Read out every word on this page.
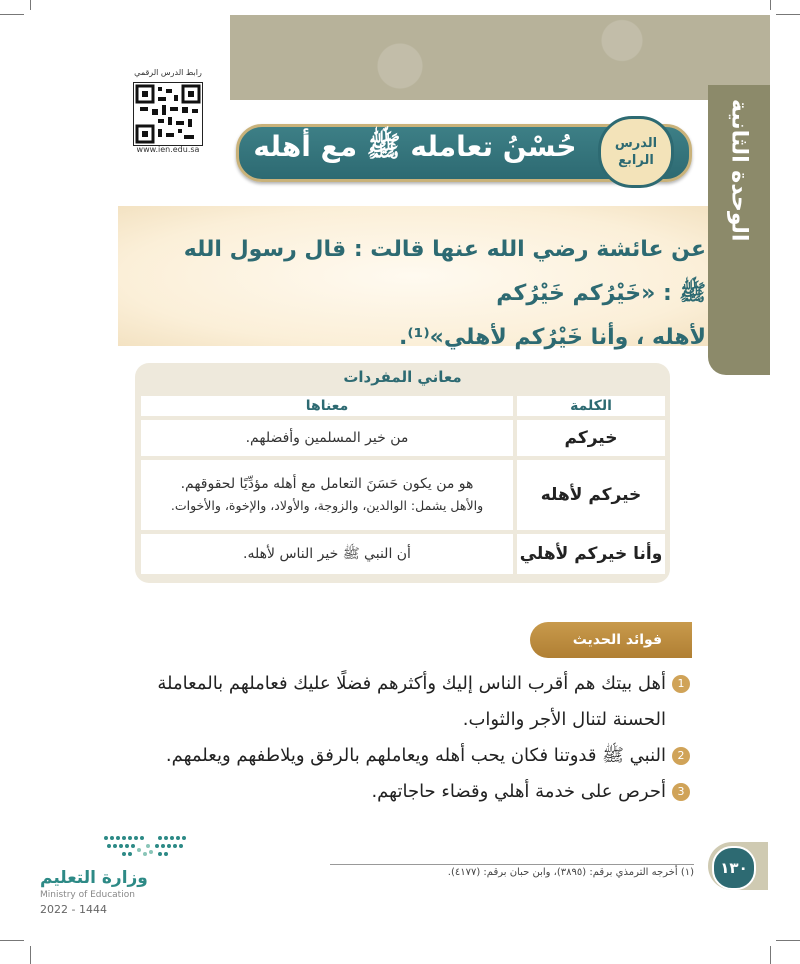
الوحدة الثانية
رابط الدرس الرقمي
www.ien.edu.sa حُسْنُ تعامله ﷺ مع أهله	الدرس
الرابع
عن عائشة رضي الله عنها قالت : قال رسول الله ﷺ : «خَيْرُكم خَيْرُكم
لأهله ، وأنا خَيْرُكم لأهلي»⁽¹⁾.
معاني المفردات
الكلمة
معناها
خيركم
من خير المسلمين وأفضلهم.
خيركم لأهله
هو من يكون حَسَنَ التعامل مع أهله مؤدِّيًا لحقوقهم.
والأهل يشمل: الوالدين، والزوجة، والأولاد، والإخوة، والأخوات.
وأنا خيركم لأهلي
أن النبي ﷺ خير الناس لأهله.
فوائد الحديث
1
أهل بيتك هم أقرب الناس إليك وأكثرهم فضلًا عليك فعاملهم بالمعاملة
الحسنة لتنال الأجر والثواب.
2
النبي ﷺ قدوتنا فكان يحب أهله ويعاملهم بالرفق ويلاطفهم ويعلمهم.
3
أحرص على خدمة أهلي وقضاء حاجاتهم.
(١) أخرجه الترمذي برقم: (٣٨٩٥)، وابن حبان برقم: (٤١٧٧).	١٣٠
وزارة التعليم
Ministry of Education
2022 - 1444
